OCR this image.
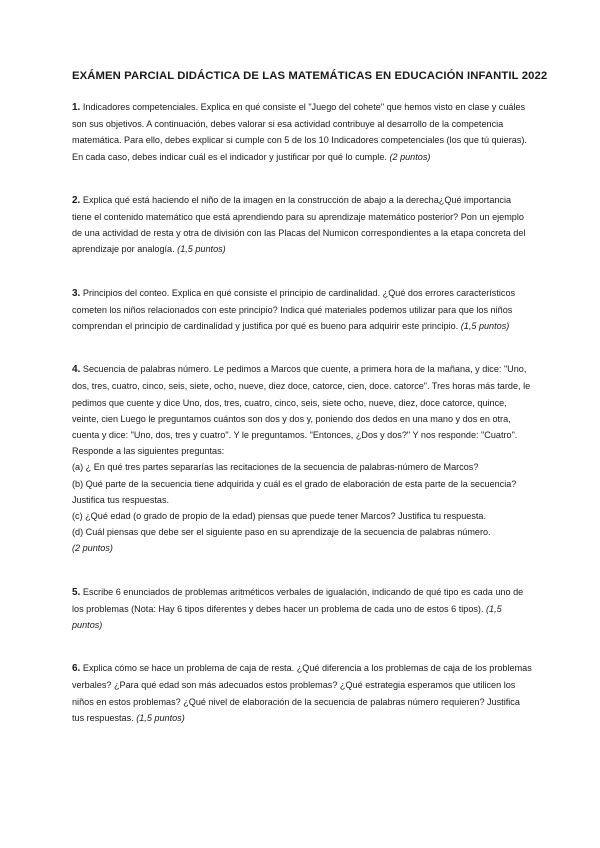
EXÁMEN PARCIAL DIDÁCTICA DE LAS MATEMÁTICAS EN EDUCACIÓN INFANTIL 2022

1. Indicadores competenciales. Explica en qué consiste el "Juego del cohete" que hemos visto en clase y cuáles son sus objetivos. A continuación, debes valorar si esa actividad contribuye al desarrollo de la competencia matemática. Para ello, debes explicar si cumple con 5 de los 10 Indicadores competenciales (los que tú quieras). En cada caso, debes indicar cuál es el indicador y justificar por qué lo cumple. (2 puntos)

2. Explica qué está haciendo el niño de la imagen en la construcción de abajo a la derecha¿Qué importancia tiene el contenido matemático que está aprendiendo para su aprendizaje matemático posterior? Pon un ejemplo de una actividad de resta y otra de división con las Placas del Numicon correspondientes a la etapa concreta del aprendizaje por analogía. (1,5 puntos)

3. Principios del conteo. Explica en qué consiste el principio de cardinalidad. ¿Qué dos errores característicos cometen los niños relacionados con este principio? Indica qué materiales podemos utilizar para que los niños comprendan el principio de cardinalidad y justifica por qué es bueno para adquirir este principio. (1,5 puntos)

4. Secuencia de palabras número. Le pedimos a Marcos que cuente, a primera hora de la mañana, y dice: "Uno, dos, tres, cuatro, cinco, seis, siete, ocho, nueve, diez doce, catorce, cien, doce. catorce". Tres horas más tarde, le pedimos que cuente y dice Uno, dos, tres, cuatro, cinco, seis, siete ocho, nueve, diez, doce catorce, quince, veinte, cien Luego le preguntamos cuántos son dos y dos y, poniendo dos dedos en una mano y dos en otra, cuenta y dice: "Uno, dos, tres y cuatro". Y le preguntamos. "Entonces, ¿Dos y dos?" Y nos responde: "Cuatro". Responde a las siguientes preguntas:
(a) ¿ En qué tres partes separarías las recitaciones de la secuencia de palabras-número de Marcos?
(b) Qué parte de la secuencia tiene adquirida y cuál es el grado de elaboración de esta parte de la secuencia? Justifica tus respuestas.
(c) ¿Qué edad (o grado de propio de la edad) piensas que puede tener Marcos? Justifica tu respuesta.
(d) Cuál piensas que debe ser el siguiente paso en su aprendizaje de la secuencia de palabras número.
(2 puntos)

5. Escribe 6 enunciados de problemas aritméticos verbales de igualación, indicando de qué tipo es cada uno de los problemas (Nota: Hay 6 tipos diferentes y debes hacer un problema de cada uno de estos 6 tipos). (1,5 puntos)

6. Explica cómo se hace un problema de caja de resta. ¿Qué diferencia a los problemas de caja de los problemas verbales? ¿Para qué edad son más adecuados estos problemas? ¿Qué estrategia esperamos que utilicen los niños en estos problemas? ¿Qué nivel de elaboración de la secuencia de palabras número requieren? Justifica tus respuestas. (1,5 puntos)
